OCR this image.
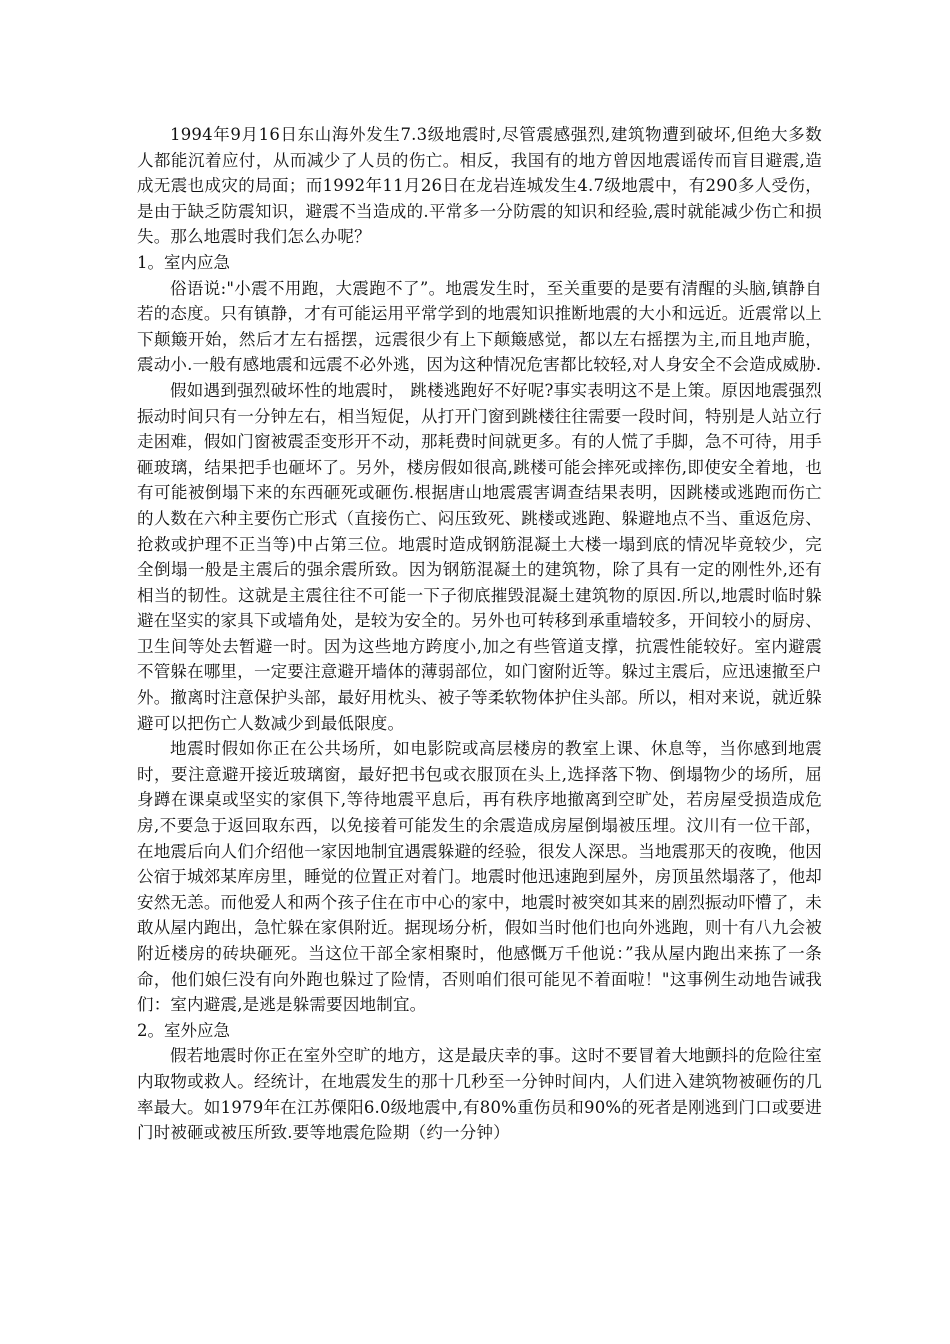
1994年9月16日东山海外发生7.3级地震时,尽管震感强烈,建筑物遭到破坏,但绝大多数人都能沉着应付，从而减少了人员的伤亡。相反，我国有的地方曾因地震谣传而盲目避震,造成无震也成灾的局面；而1992年11月26日在龙岩连城发生4.7级地震中，有290多人受伤，是由于缺乏防震知识，避震不当造成的.平常多一分防震的知识和经验,震时就能减少伤亡和损失。那么地震时我们怎么办呢？

1。室内应急

俗语说:"小震不用跑，大震跑不了”。地震发生时，至关重要的是要有清醒的头脑,镇静自若的态度。只有镇静，才有可能运用平常学到的地震知识推断地震的大小和远近。近震常以上下颠簸开始，然后才左右摇摆，远震很少有上下颠簸感觉，都以左右摇摆为主,而且地声脆，震动小.一般有感地震和远震不必外逃，因为这种情况危害都比较轻,对人身安全不会造成威胁.

假如遇到强烈破坏性的地震时， 跳楼逃跑好不好呢?事实表明这不是上策。原因地震强烈振动时间只有一分钟左右，相当短促，从打开门窗到跳楼往往需要一段时间，特别是人站立行走困难，假如门窗被震歪变形开不动，那耗费时间就更多。有的人慌了手脚，急不可待，用手砸玻璃，结果把手也砸坏了。另外，楼房假如很高,跳楼可能会摔死或摔伤,即使安全着地，也有可能被倒塌下来的东西砸死或砸伤.根据唐山地震震害调查结果表明，因跳楼或逃跑而伤亡的人数在六种主要伤亡形式（直接伤亡、闷压致死、跳楼或逃跑、躲避地点不当、重返危房、抢救或护理不正当等)中占第三位。地震时造成钢筋混凝土大楼一塌到底的情况毕竟较少，完全倒塌一般是主震后的强余震所致。因为钢筋混凝土的建筑物，除了具有一定的刚性外,还有相当的韧性。这就是主震往往不可能一下子彻底摧毁混凝土建筑物的原因.所以,地震时临时躲避在坚实的家具下或墙角处，是较为安全的。另外也可转移到承重墙较多，开间较小的厨房、卫生间等处去暂避一时。因为这些地方跨度小,加之有些管道支撑，抗震性能较好。室内避震不管躲在哪里，一定要注意避开墙体的薄弱部位，如门窗附近等。躲过主震后，应迅速撤至户外。撤离时注意保护头部，最好用枕头、被子等柔软物体护住头部。所以，相对来说，就近躲避可以把伤亡人数减少到最低限度。

地震时假如你正在公共场所，如电影院或高层楼房的教室上课、休息等，当你感到地震时，要注意避开接近玻璃窗，最好把书包或衣服顶在头上,选择落下物、倒塌物少的场所，屈身蹲在课桌或坚实的家俱下,等待地震平息后，再有秩序地撤离到空旷处，若房屋受损造成危房,不要急于返回取东西，以免接着可能发生的余震造成房屋倒塌被压埋。汶川有一位干部，在地震后向人们介绍他一家因地制宜遇震躲避的经验，很发人深思。当地震那天的夜晚，他因公宿于城郊某库房里，睡觉的位置正对着门。地震时他迅速跑到屋外，房顶虽然塌落了，他却安然无恙。而他爱人和两个孩子住在市中心的家中，地震时被突如其来的剧烈振动吓懵了，未敢从屋内跑出，急忙躲在家俱附近。据现场分析，假如当时他们也向外逃跑，则十有八九会被附近楼房的砖块砸死。当这位干部全家相聚时，他感慨万千他说：”我从屋内跑出来拣了一条命，他们娘仨没有向外跑也躲过了险情，否则咱们很可能见不着面啦！"这事例生动地告诫我们：室内避震,是逃是躲需要因地制宜。

2。室外应急

假若地震时你正在室外空旷的地方，这是最庆幸的事。这时不要冒着大地颤抖的危险往室内取物或救人。经统计，在地震发生的那十几秒至一分钟时间内，人们进入建筑物被砸伤的几率最大。如1979年在江苏傈阳6.0级地震中,有80%重伤员和90%的死者是刚逃到门口或要进门时被砸或被压所致.要等地震危险期（约一分钟）
